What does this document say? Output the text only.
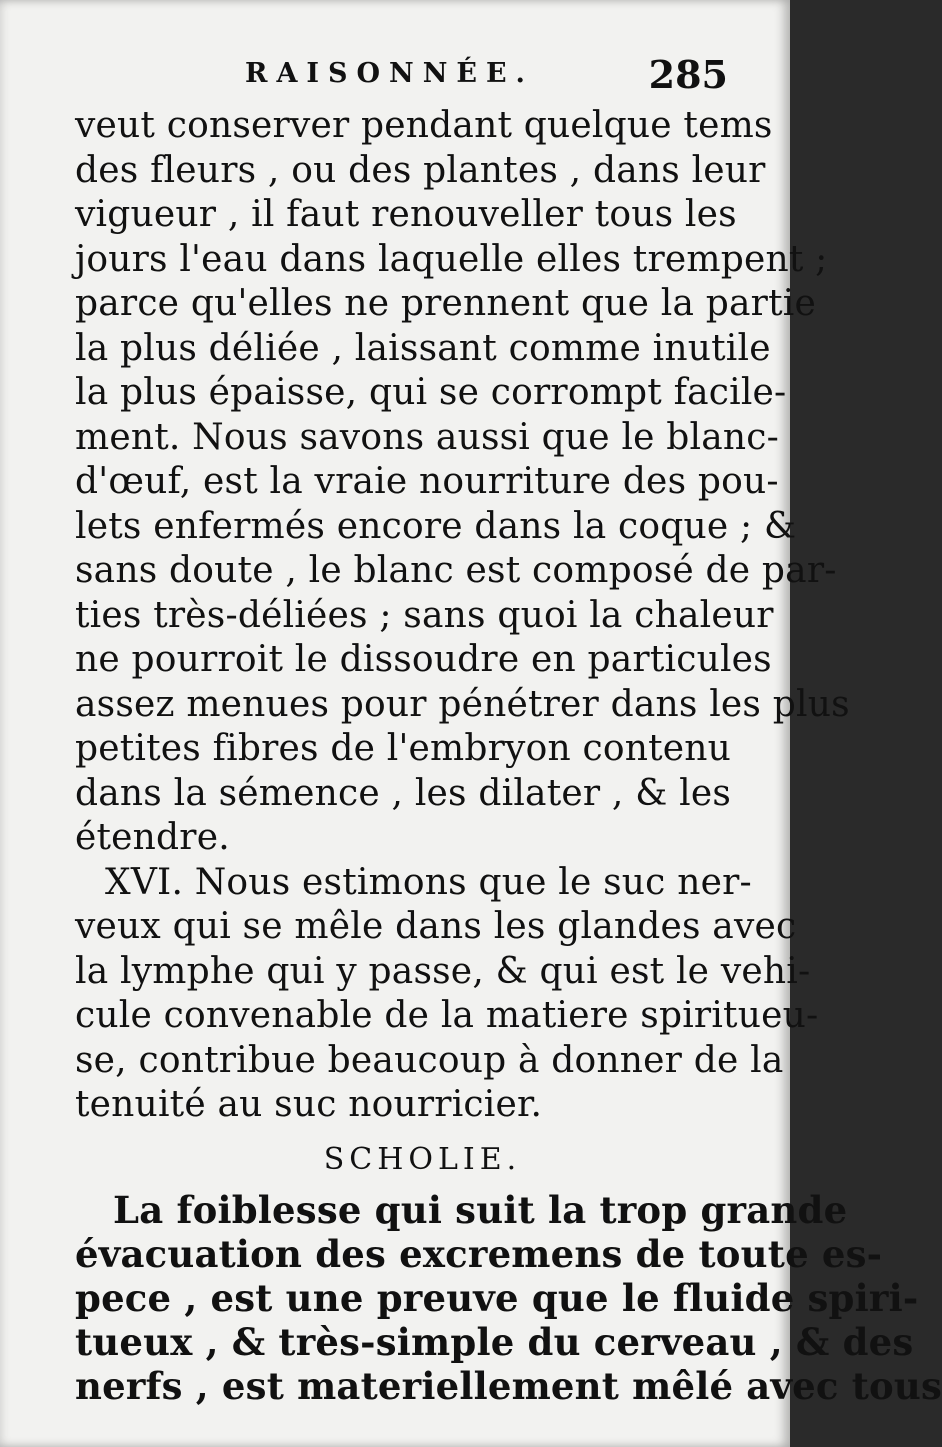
RAISONNÉE.	285
veut conserver pendant quelque tems
des fleurs , ou des plantes , dans leur
vigueur , il faut renouveller tous les
jours l'eau dans laquelle elles trempent ;
parce qu'elles ne prennent que la partie
la plus déliée , laissant comme inutile
la plus épaisse, qui se corrompt facile-
ment. Nous savons aussi que le blanc-
d'œuf, est la vraie nourriture des pou-
lets enfermés encore dans la coque ; &
sans doute , le blanc est composé de par-
ties très-déliées ; sans quoi la chaleur
ne pourroit le dissoudre en particules
assez menues pour pénétrer dans les plus
petites fibres de l'embryon contenu
dans la sémence , les dilater , & les
étendre.
XVI. Nous estimons que le suc ner-
veux qui se mêle dans les glandes avec
la lymphe qui y passe, & qui est le vehi-
cule convenable de la matiere spiritueu-
se, contribue beaucoup à donner de la
tenuité au suc nourricier.
SCHOLIE.
La foiblesse qui suit la trop grande
évacuation des excremens de toute es-
pece , est une preuve que le fluide spiri-
tueux , & très-simple du cerveau , & des
nerfs , est materiellement mêlé avec tous
